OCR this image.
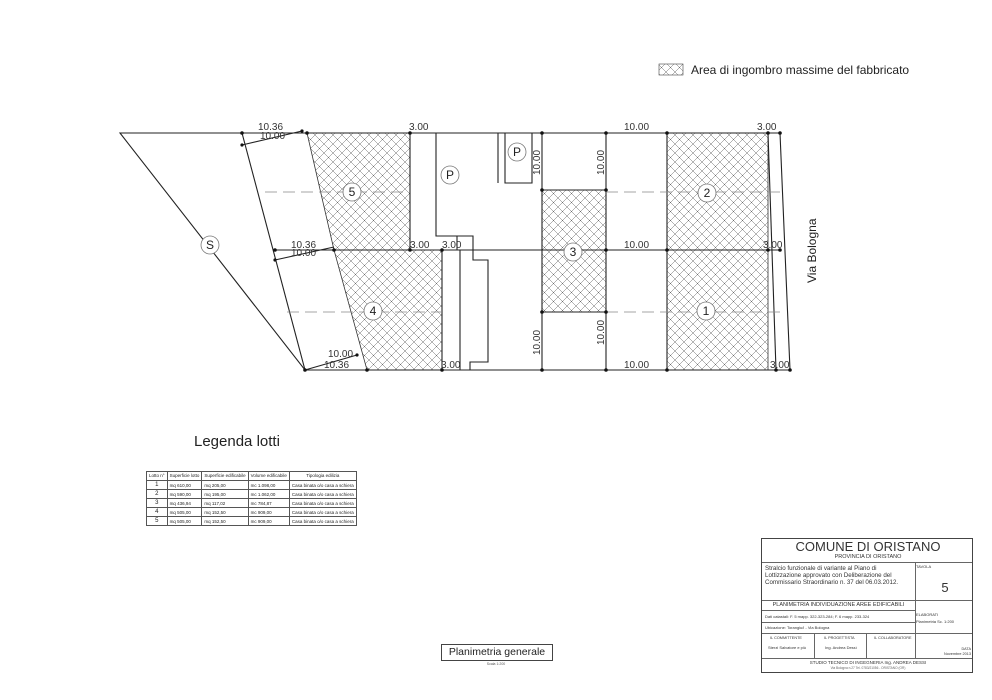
Area di ingombro massime del fabbricato
S
P
P
5
4
3
2
1
10.36
10.00
3.00	10.00	3.00
10.36
10.00
3.00 3.00	10.00	3.00
10.00
10.36	3.00	10.00	3.00
10.00	10.00
10.00	10.00
Via Bologna
Legenda lotti
Lotto n°	Superficie lotto	Superficie edificabile	Volume edificabile	Tipologia edilizia
1	mq 610,00	mq 205,00	mc 1.098,00	Casa binata o/o casa a schiera
2	mq 590,00	mq 195,00	mc 1.062,00	Casa binata o/o casa a schiera
3	mq 436,94	mq 117,02	mc 784,87	Casa binata o/o casa a schiera
4	mq 505,00	mq 152,50	mc 909,00	Casa binata o/o casa a schiera
5	mq 505,00	mq 152,50	mc 909,00	Casa binata o/o casa a schiera
Planimetria generale
Scala 1:200
COMUNE DI ORISTANO
PROVINCIA DI ORISTANO
Stralcio funzionale di variante al Piano di Lottizzazione approvato con Deliberazione del Commissario Straordinario n. 37 del 06.03.2012.
TAVOLA
5
PLANIMETRIA INDIVIDUAZIONE AREE EDIFICABILI
Dati catastali: F. 5 mapp. 322-323-284; F. 6 mapp. 233-324
Ubicazione: Torangiu/i - Via Bologna
ELABORATI
Planimetria Sc. 1:200
IL COMMITTENTE	IL PROGETTISTA	IL COLLABORATORE
Sterzi Salvatore e più	Ing. Andrea Dessì	DATA
Novembre 2013
STUDIO TECNICO DI INGEGNERIA Ing. ANDREA DESSI
Via Bologna n.27 Tel. 0783/21056 - ORISTANO (OR)
